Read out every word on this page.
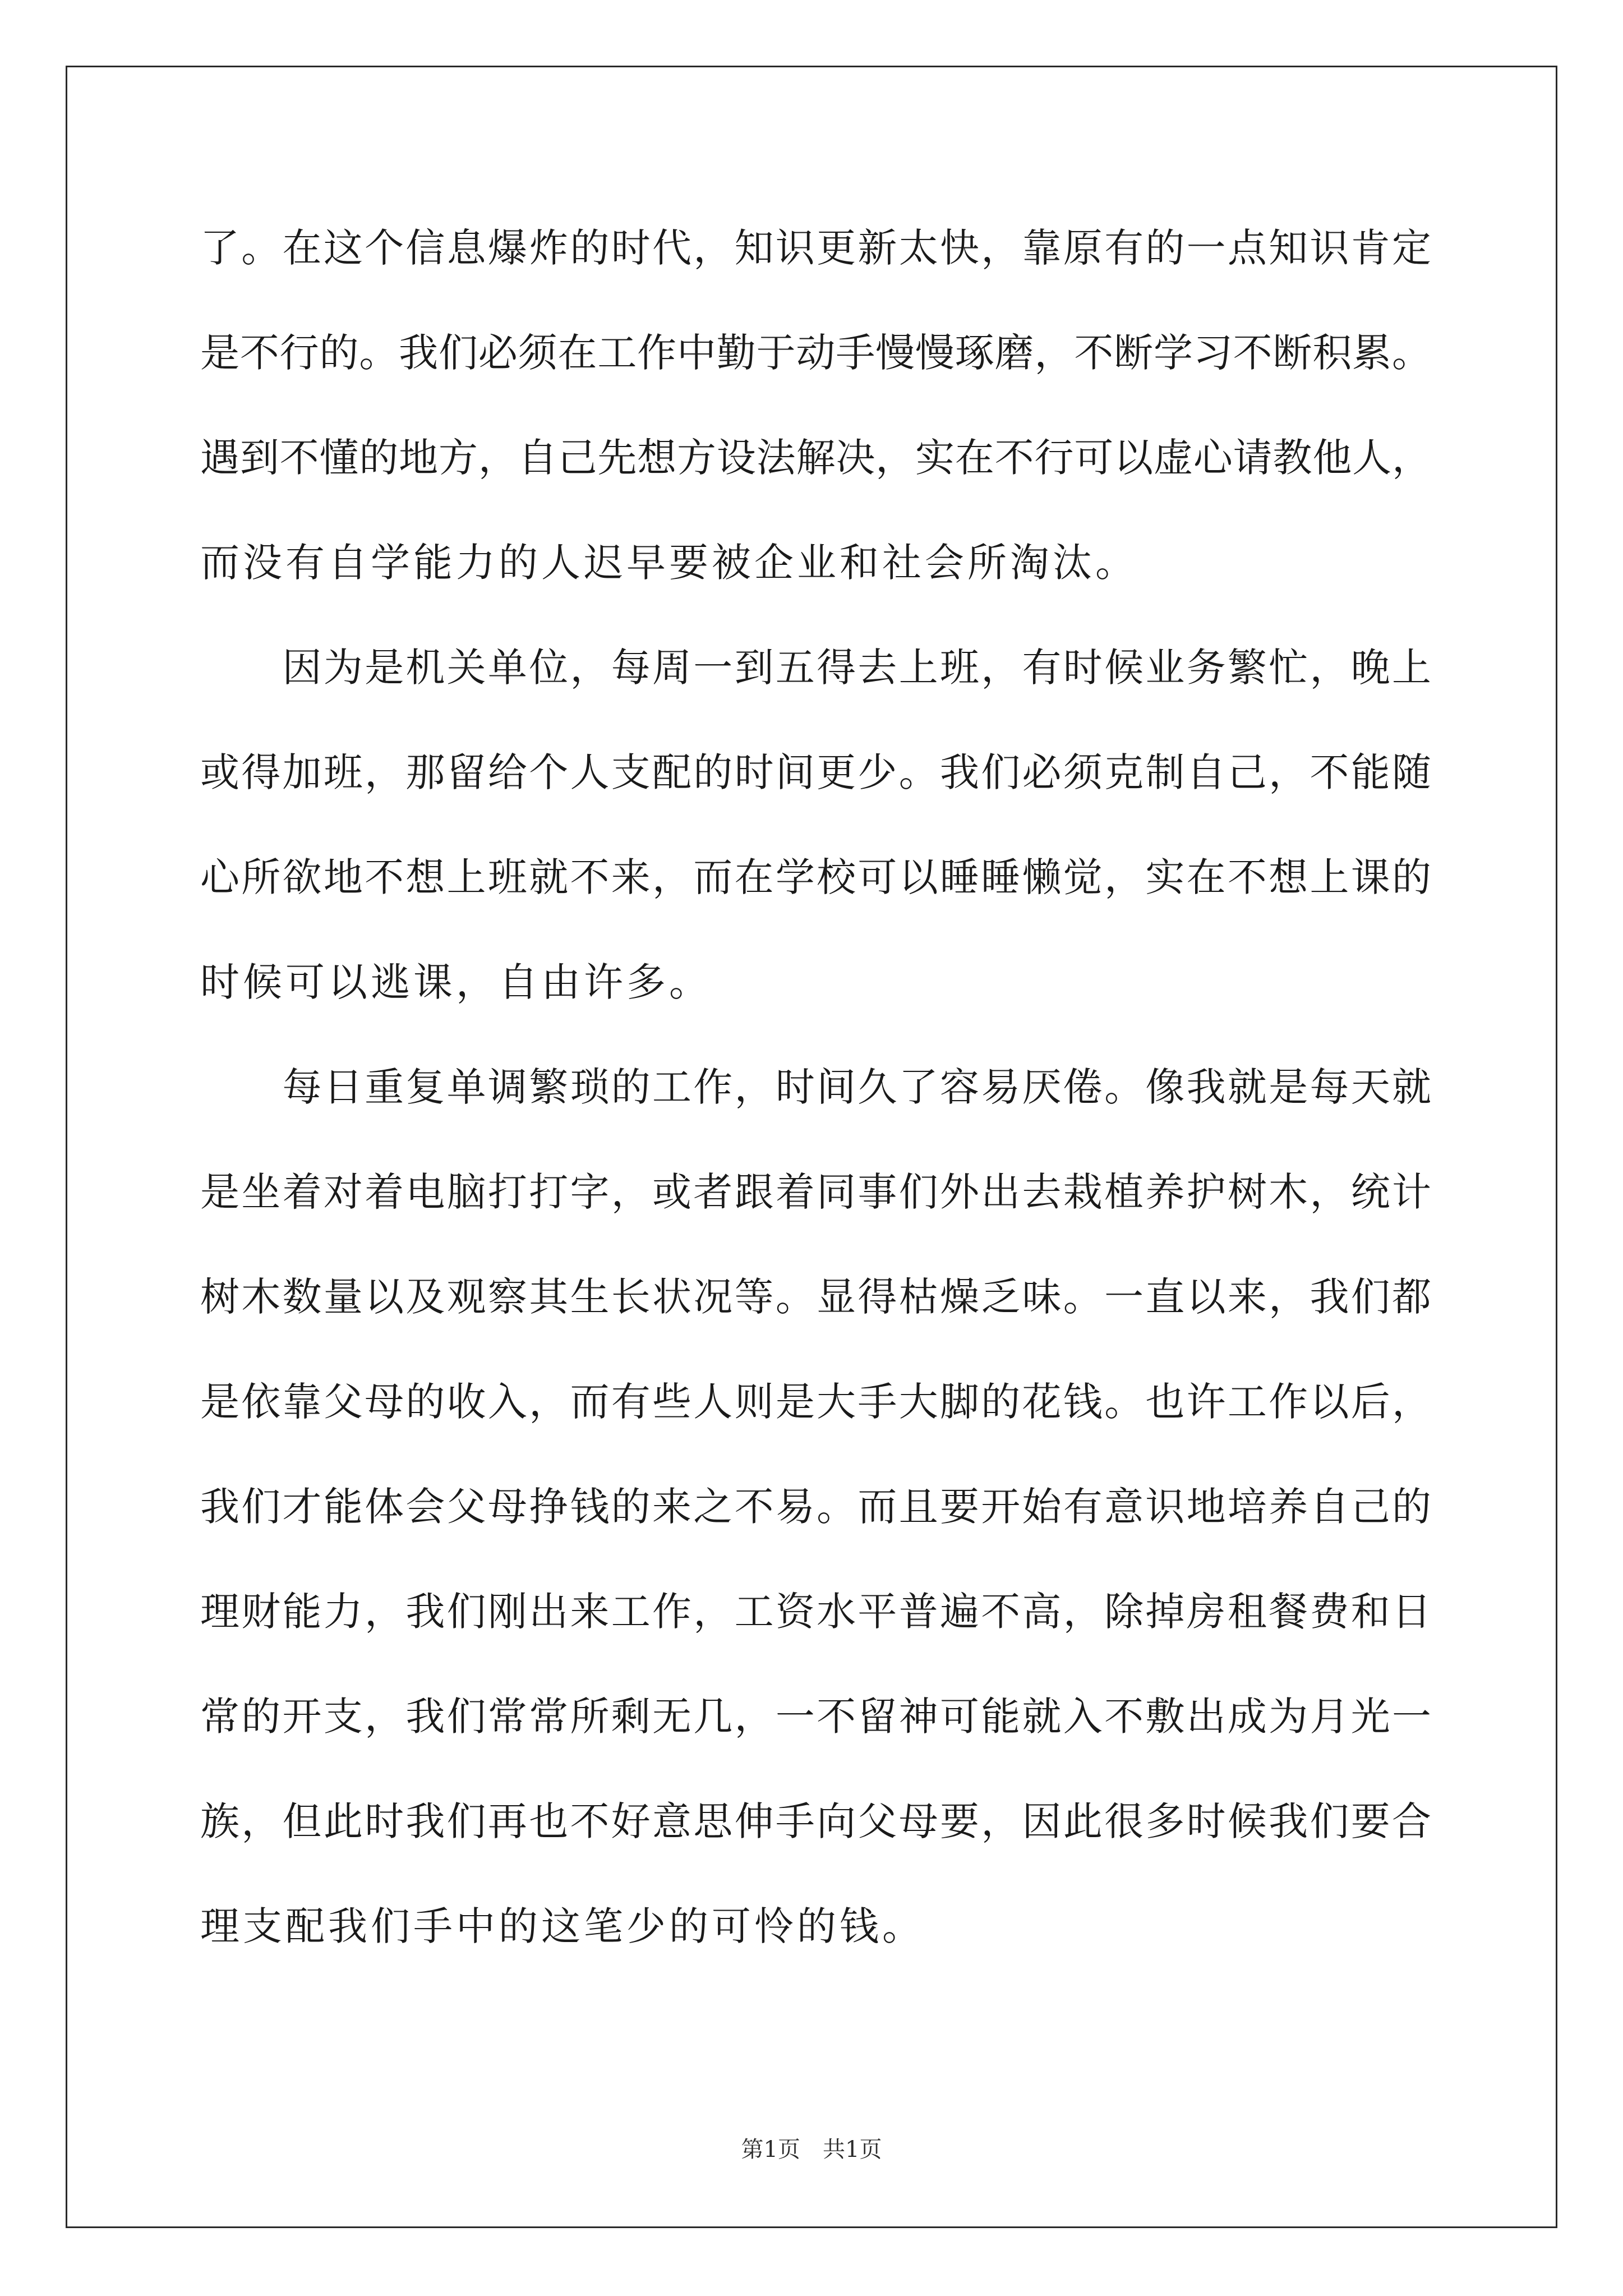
了。在这个信息爆炸的时代，知识更新太快，靠原有的一点知识肯定
是不行的。我们必须在工作中勤于动手慢慢琢磨，不断学习不断积累。
遇到不懂的地方，自己先想方设法解决，实在不行可以虚心请教他人，
而没有自学能力的人迟早要被企业和社会所淘汰。
　　因为是机关单位，每周一到五得去上班，有时候业务繁忙，晚上
或得加班，那留给个人支配的时间更少。我们必须克制自己，不能随
心所欲地不想上班就不来，而在学校可以睡睡懒觉，实在不想上课的
时候可以逃课，自由许多。
　　每日重复单调繁琐的工作，时间久了容易厌倦。像我就是每天就
是坐着对着电脑打打字，或者跟着同事们外出去栽植养护树木，统计
树木数量以及观察其生长状况等。显得枯燥乏味。一直以来，我们都
是依靠父母的收入，而有些人则是大手大脚的花钱。也许工作以后，
我们才能体会父母挣钱的来之不易。而且要开始有意识地培养自己的
理财能力，我们刚出来工作，工资水平普遍不高，除掉房租餐费和日
常的开支，我们常常所剩无几，一不留神可能就入不敷出成为月光一
族，但此时我们再也不好意思伸手向父母要，因此很多时候我们要合
理支配我们手中的这笔少的可怜的钱。
第1页　共1页
